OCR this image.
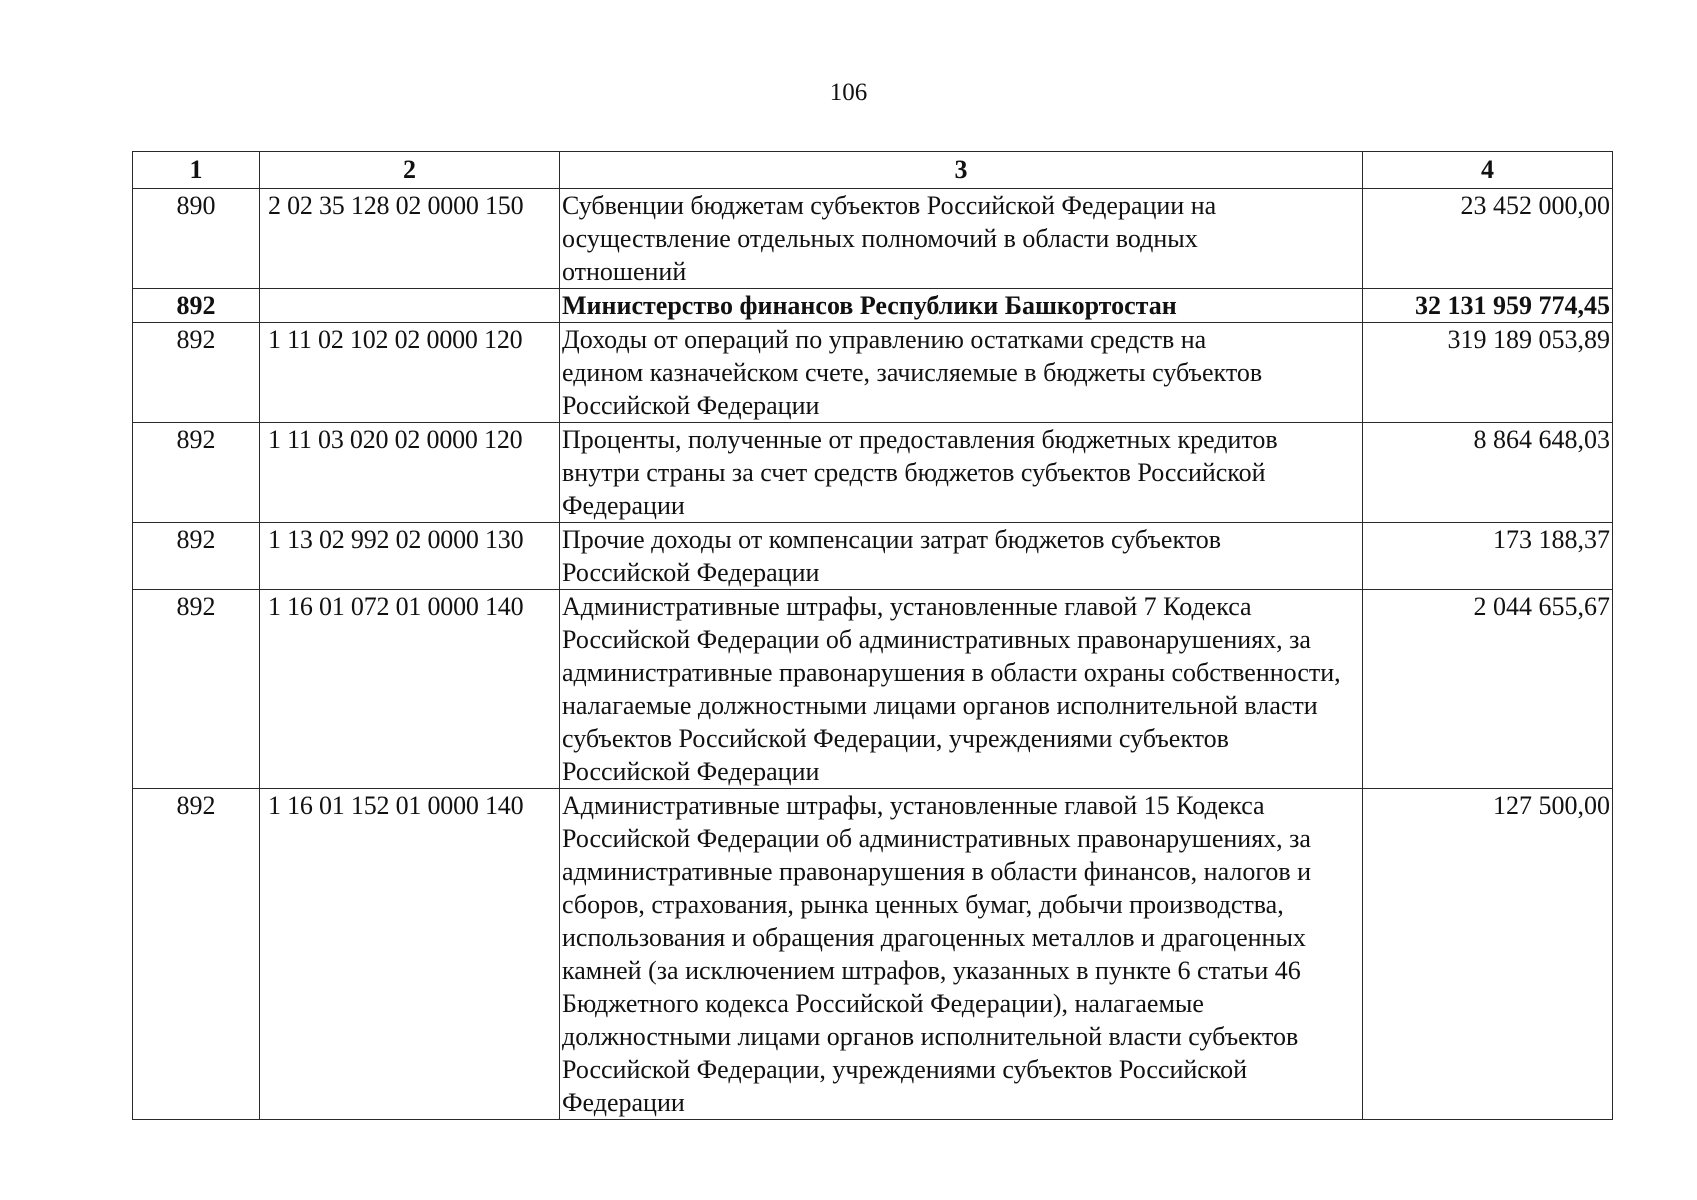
106
1	2	3	4
890	2 02 35 128 02 0000 150	Субвенции бюджетам субъектов Российской Федерации на осуществление отдельных полномочий в области водных отношений	23 452 000,00
892		Министерство финансов Республики Башкортостан	32 131 959 774,45
892	1 11 02 102 02 0000 120	Доходы от операций по управлению остатками средств на едином казначейском счете, зачисляемые в бюджеты субъектов Российской Федерации	319 189 053,89
892	1 11 03 020 02 0000 120	Проценты, полученные от предоставления бюджетных кредитов внутри страны за счет средств бюджетов субъектов Российской Федерации	8 864 648,03
892	1 13 02 992 02 0000 130	Прочие доходы от компенсации затрат бюджетов субъектов Российской Федерации	173 188,37
892	1 16 01 072 01 0000 140	Административные штрафы, установленные главой 7 Кодекса Российской Федерации об административных правонарушениях, за административные правонарушения в области охраны собственности, налагаемые должностными лицами органов исполнительной власти субъектов Российской Федерации, учреждениями субъектов Российской Федерации	2 044 655,67
892	1 16 01 152 01 0000 140	Административные штрафы, установленные главой 15 Кодекса Российской Федерации об административных правонарушениях, за административные правонарушения в области финансов, налогов и сборов, страхования, рынка ценных бумаг, добычи производства, использования и обращения драгоценных металлов и драгоценных камней (за исключением штрафов, указанных в пункте 6 статьи 46 Бюджетного кодекса Российской Федерации), налагаемые должностными лицами органов исполнительной власти субъектов Российской Федерации, учреждениями субъектов Российской Федерации	127 500,00
